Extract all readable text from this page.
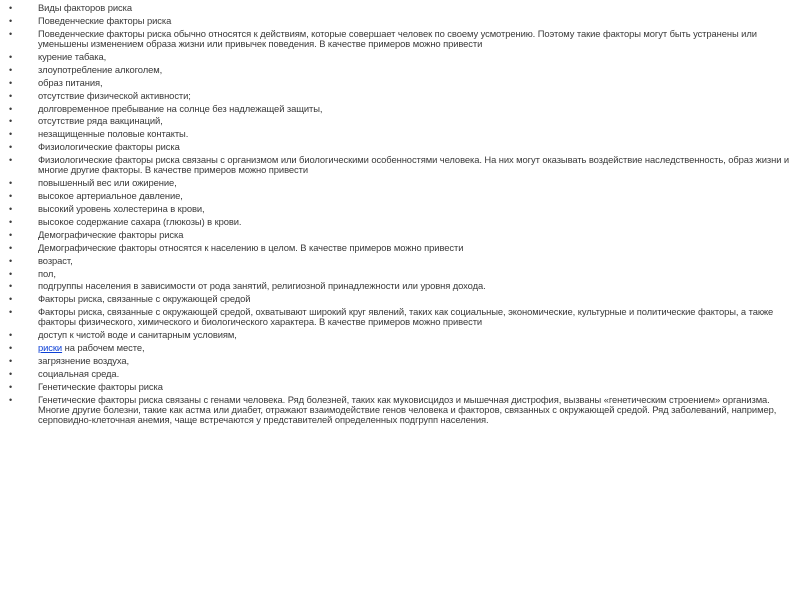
•	Виды факторов риска
•	Поведенческие факторы риска
•	Поведенческие факторы риска обычно относятся к действиям, которые совершает человек по своему усмотрению. Поэтому такие факторы могут быть устранены или уменьшены изменением образа жизни или привычек поведения. В качестве примеров можно привести
•	курение табака,
•	злоупотребление алкоголем,
•	образ питания,
•	отсутствие физической активности;
•	долговременное пребывание на солнце без надлежащей защиты,
•	отсутствие ряда вакцинаций,
•	незащищенные половые контакты.
•	Физиологические факторы риска
•	Физиологические факторы риска связаны с организмом или биологическими особенностями человека. На них могут оказывать воздействие наследственность, образ жизни и многие другие факторы. В качестве примеров можно привести
•	повышенный вес или ожирение,
•	высокое артериальное давление,
•	высокий уровень холестерина в крови,
•	высокое содержание сахара (глюкозы) в крови.
•	Демографические факторы риска
•	Демографические факторы относятся к населению в целом. В качестве примеров можно привести
•	возраст,
•	пол,
•	подгруппы населения в зависимости от рода занятий, религиозной принадлежности или уровня дохода.
•	Факторы риска, связанные с окружающей средой
•	Факторы риска, связанные с окружающей средой, охватывают широкий круг явлений, таких как социальные, экономические, культурные и политические факторы, а также факторы физического, химического и биологического характера. В качестве примеров можно привести
•	доступ к чистой воде и санитарным условиям,
•	риски на рабочем месте,
•	загрязнение воздуха,
•	социальная среда.
•	Генетические факторы риска
•	Генетические факторы риска связаны с генами человека. Ряд болезней, таких как муковисцидоз и мышечная дистрофия, вызваны «генетическим строением» организма. Многие другие болезни, такие как астма или диабет, отражают взаимодействие генов человека и факторов, связанных с окружающей средой. Ряд заболеваний, например, серповидно-клеточная анемия, чаще встречаются у представителей определенных подгрупп населения.
